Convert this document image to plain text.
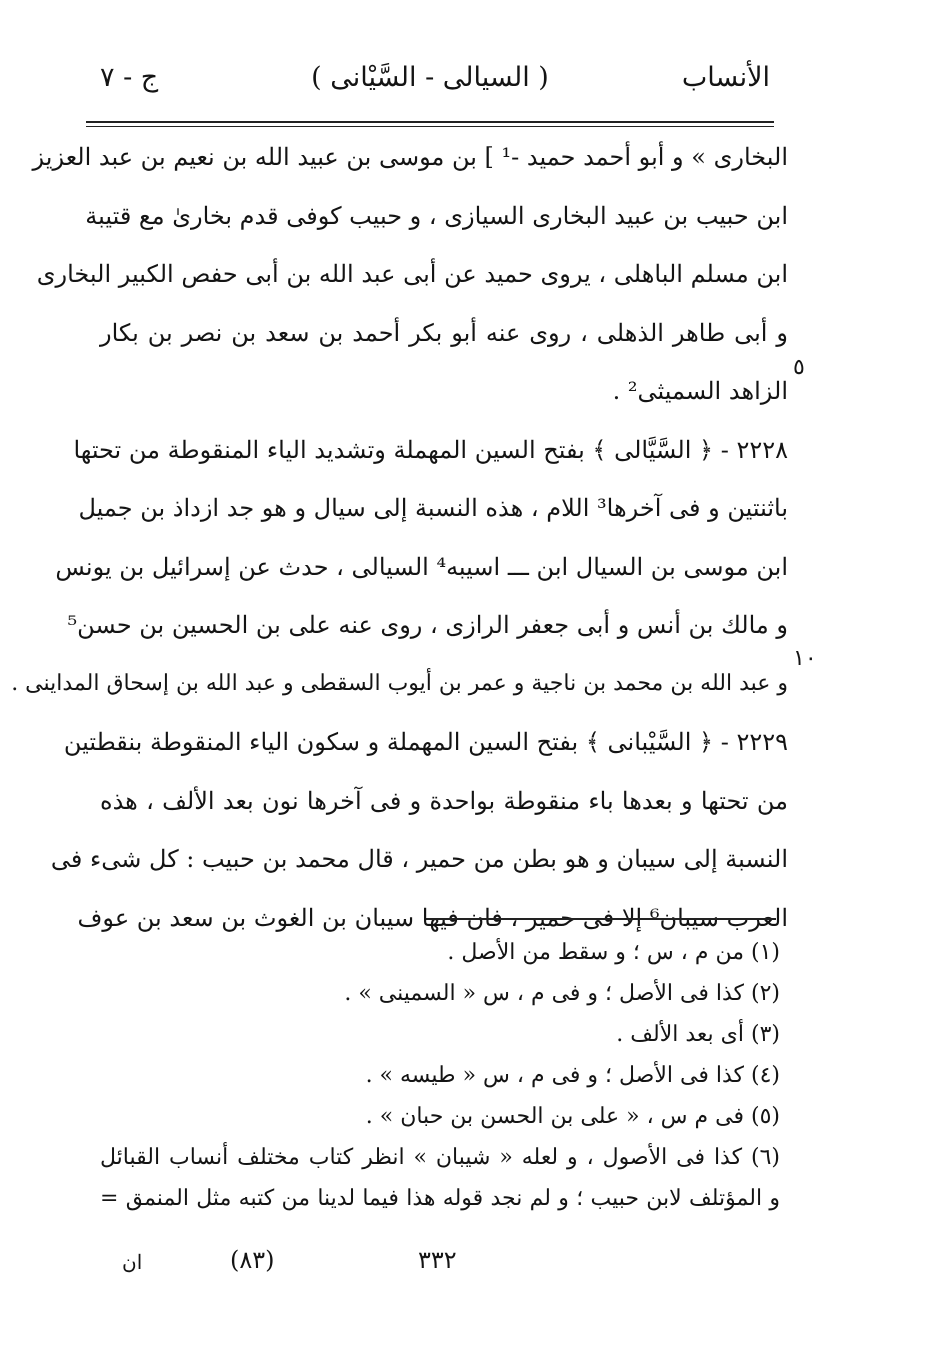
الأنساب
( السيالى - السَّيْانى )
ج - ٧
٥
١٠
البخارى » و أبو أحمد حميد -¹ ] بن موسى بن عبيد الله بن نعيم بن عبد العزيز
ابن حبيب بن عبيد البخارى السيازى ، و حبيب كوفى قدم بخارىٰ مع قتيبة
ابن مسلم الباهلى ، يروى حميد عن أبى عبد الله بن أبى حفص الكبير البخارى
و أبى طاهر الذهلى ، روى عنه أبو بكر أحمد بن سعد بن نصر بن بكار
الزاهد السميثى² .
٢٢٢٨ - ﴿ السَّيَّالى ﴾ بفتح السين المهملة وتشديد الياء المنقوطة من تحتها
باثنتين و فى آخرها³ اللام ، هذه النسبة إلى سيال و هو جد ازداذ بن جميل
ابن موسى بن السيال ابن ـــ اسيبه⁴ السيالى ، حدث عن إسرائيل بن يونس
و مالك بن أنس و أبى جعفر الرازى ، روى عنه على بن الحسين بن حسن⁵
و عبد الله بن محمد بن ناجية و عمر بن أيوب السقطى و عبد الله بن إسحاق المداينى .
٢٢٢٩ - ﴿ السَّيْبانى ﴾ بفتح السين المهملة و سكون الياء المنقوطة بنقطتين
من تحتها و بعدها باء منقوطة بواحدة و فى آخرها نون بعد الألف ، هذه
النسبة إلى سيبان و هو بطن من حمير ، قال محمد بن حبيب : كل شىء فى
العرب سيبان⁶ إلا فى حمير ، فان فيها سيبان بن الغوث بن سعد بن عوف
(١) من م ، س ؛ و سقط من الأصل .
(٢) كذا فى الأصل ؛ و فى م ، س « السمينى » .
(٣) أى بعد الألف .
(٤) كذا فى الأصل ؛ و فى م ، س « طيسه » .
(٥) فى م س ، « على بن الحسن بن حبان » .
(٦) كذا فى الأصول ، و لعله « شيبان » انظر كتاب مختلف أنساب القبائل
و المؤتلف لابن حبيب ؛ و لم نجد قوله هذا فيما لدينا من كتبه مثل المنمق =
٣٣٢
(٨٣)
ان
